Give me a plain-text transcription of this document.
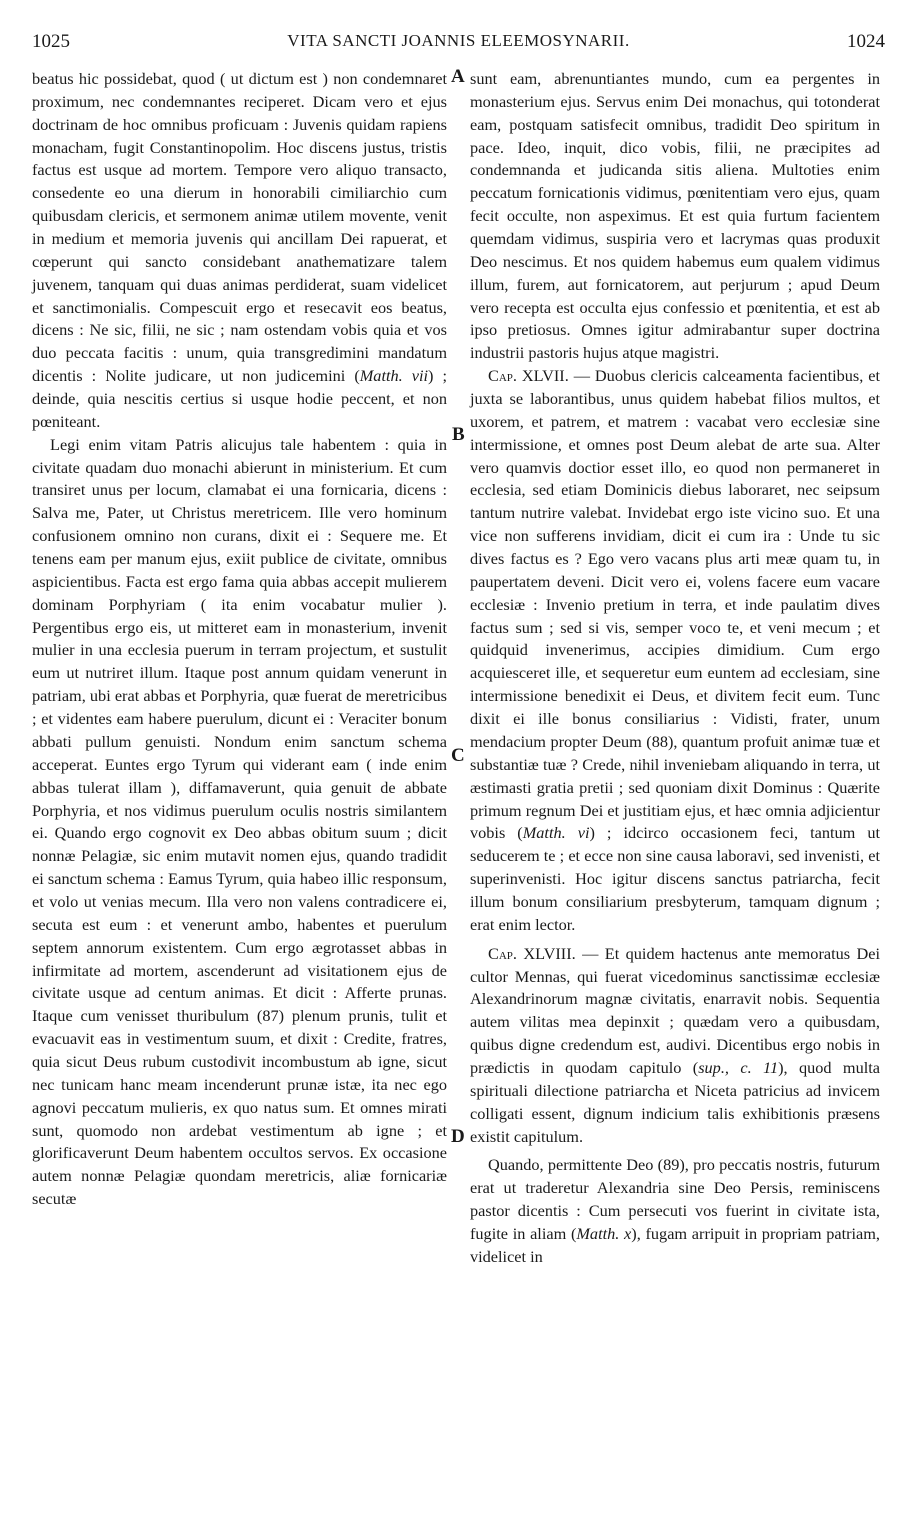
1025	VITA SANCTI JOANNIS ELEEMOSYNARII.	1024
A
B
C
D

beatus hic possidebat, quod ( ut dictum est ) non condemnaret proximum, nec condemnantes reciperet. Dicam vero et ejus doctrinam de hoc omnibus proficuam : Juvenis quidam rapiens monacham, fugit Constantinopolim. Hoc discens justus, tristis factus est usque ad mortem. Tempore vero aliquo transacto, consedente eo una dierum in honorabili cimiliarchio cum quibusdam clericis, et sermonem animæ utilem movente, venit in medium et memoria juvenis qui ancillam Dei rapuerat, et cœperunt qui sancto considebant anathematizare talem juvenem, tanquam qui duas animas perdiderat, suam videlicet et sanctimonialis. Compescuit ergo et resecavit eos beatus, dicens : Ne sic, filii, ne sic ; nam ostendam vobis quia et vos duo peccata facitis : unum, quia transgredimini mandatum dicentis : Nolite judicare, ut non judicemini (Matth. vii) ; deinde, quia nescitis certius si usque hodie peccent, et non pœniteant.

Legi enim vitam Patris alicujus tale habentem : quia in civitate quadam duo monachi abierunt in ministerium. Et cum transiret unus per locum, clamabat ei una fornicaria, dicens : Salva me, Pater, ut Christus meretricem. Ille vero hominum confusionem omnino non curans, dixit ei : Sequere me. Et tenens eam per manum ejus, exiit publice de civitate, omnibus aspicientibus. Facta est ergo fama quia abbas accepit mulierem dominam Porphyriam ( ita enim vocabatur mulier ). Pergentibus ergo eis, ut mitteret eam in monasterium, invenit mulier in una ecclesia puerum in terram projectum, et sustulit eum ut nutriret illum. Itaque post annum quidam venerunt in patriam, ubi erat abbas et Porphyria, quæ fuerat de meretricibus ; et videntes eam habere puerulum, dicunt ei : Veraciter bonum abbati pullum genuisti. Nondum enim sanctum schema acceperat. Euntes ergo Tyrum qui viderant eam ( inde enim abbas tulerat illam ), diffamaverunt, quia genuit de abbate Porphyria, et nos vidimus puerulum oculis nostris similantem ei. Quando ergo cognovit ex Deo abbas obitum suum ; dicit nonnæ Pelagiæ, sic enim mutavit nomen ejus, quando tradidit ei sanctum schema : Eamus Tyrum, quia habeo illic responsum, et volo ut venias mecum. Illa vero non valens contradicere ei, secuta est eum : et venerunt ambo, habentes et puerulum septem annorum existentem. Cum ergo ægrotasset abbas in infirmitate ad mortem, ascenderunt ad visitationem ejus de civitate usque ad centum animas. Et dicit : Afferte prunas. Itaque cum venisset thuribulum (87) plenum prunis, tulit et evacuavit eas in vestimentum suum, et dixit : Credite, fratres, quia sicut Deus rubum custodivit incombustum ab igne, sicut nec tunicam hanc meam incenderunt prunæ istæ, ita nec ego agnovi peccatum mulieris, ex quo natus sum. Et omnes mirati sunt, quomodo non ardebat vestimentum ab igne ; et glorificaverunt Deum habentem occultos servos. Ex occasione autem nonnæ Pelagiæ quondam meretricis, aliæ fornicariæ secutæ

sunt eam, abrenuntiantes mundo, cum ea pergentes in monasterium ejus. Servus enim Dei monachus, qui totonderat eam, postquam satisfecit omnibus, tradidit Deo spiritum in pace. Ideo, inquit, dico vobis, filii, ne præcipites ad condemnanda et judicanda sitis aliena. Multoties enim peccatum fornicationis vidimus, pœnitentiam vero ejus, quam fecit occulte, non aspeximus. Et est quia furtum facientem quemdam vidimus, suspiria vero et lacrymas quas produxit Deo nescimus. Et nos quidem habemus eum qualem vidimus illum, furem, aut fornicatorem, aut perjurum ; apud Deum vero recepta est occulta ejus confessio et pœnitentia, et est ab ipso pretiosus. Omnes igitur admirabantur super doctrina industrii pastoris hujus atque magistri.

Cap. XLVII. — Duobus clericis calceamenta facientibus, et juxta se laborantibus, unus quidem habebat filios multos, et uxorem, et patrem, et matrem : vacabat vero ecclesiæ sine intermissione, et omnes post Deum alebat de arte sua. Alter vero quamvis doctior esset illo, eo quod non permaneret in ecclesia, sed etiam Dominicis diebus laboraret, nec seipsum tantum nutrire valebat. Invidebat ergo iste vicino suo. Et una vice non sufferens invidiam, dicit ei cum ira : Unde tu sic dives factus es ? Ego vero vacans plus arti meæ quam tu, in paupertatem deveni. Dicit vero ei, volens facere eum vacare ecclesiæ : Invenio pretium in terra, et inde paulatim dives factus sum ; sed si vis, semper voco te, et veni mecum ; et quidquid invenerimus, accipies dimidium. Cum ergo acquiesceret ille, et sequeretur eum euntem ad ecclesiam, sine intermissione benedixit ei Deus, et divitem fecit eum. Tunc dixit ei ille bonus consiliarius : Vidisti, frater, unum mendacium propter Deum (88), quantum profuit animæ tuæ et substantiæ tuæ ? Crede, nihil inveniebam aliquando in terra, ut æstimasti gratia pretii ; sed quoniam dixit Dominus : Quærite primum regnum Dei et justitiam ejus, et hæc omnia adjicientur vobis (Matth. vi) ; idcirco occasionem feci, tantum ut seducerem te ; et ecce non sine causa laboravi, sed invenisti, et superinvenisti. Hoc igitur discens sanctus patriarcha, fecit illum bonum consiliarium presbyterum, tamquam dignum ; erat enim lector.

Cap. XLVIII. — Et quidem hactenus ante memoratus Dei cultor Mennas, qui fuerat vicedominus sanctissimæ ecclesiæ Alexandrinorum magnæ civitatis, enarravit nobis. Sequentia autem vilitas mea depinxit ; quædam vero a quibusdam, quibus digne credendum est, audivi. Dicentibus ergo nobis in prædictis in quodam capitulo (sup., c. 11), quod multa spirituali dilectione patriarcha et Niceta patricius ad invicem colligati essent, dignum indicium talis exhibitionis præsens existit capitulum.

Quando, permittente Deo (89), pro peccatis nostris, futurum erat ut traderetur Alexandria sine Deo Persis, reminiscens pastor dicentis : Cum persecuti vos fuerint in civitate ista, fugite in aliam (Matth. x), fugam arripuit in propriam patriam, videlicet in
